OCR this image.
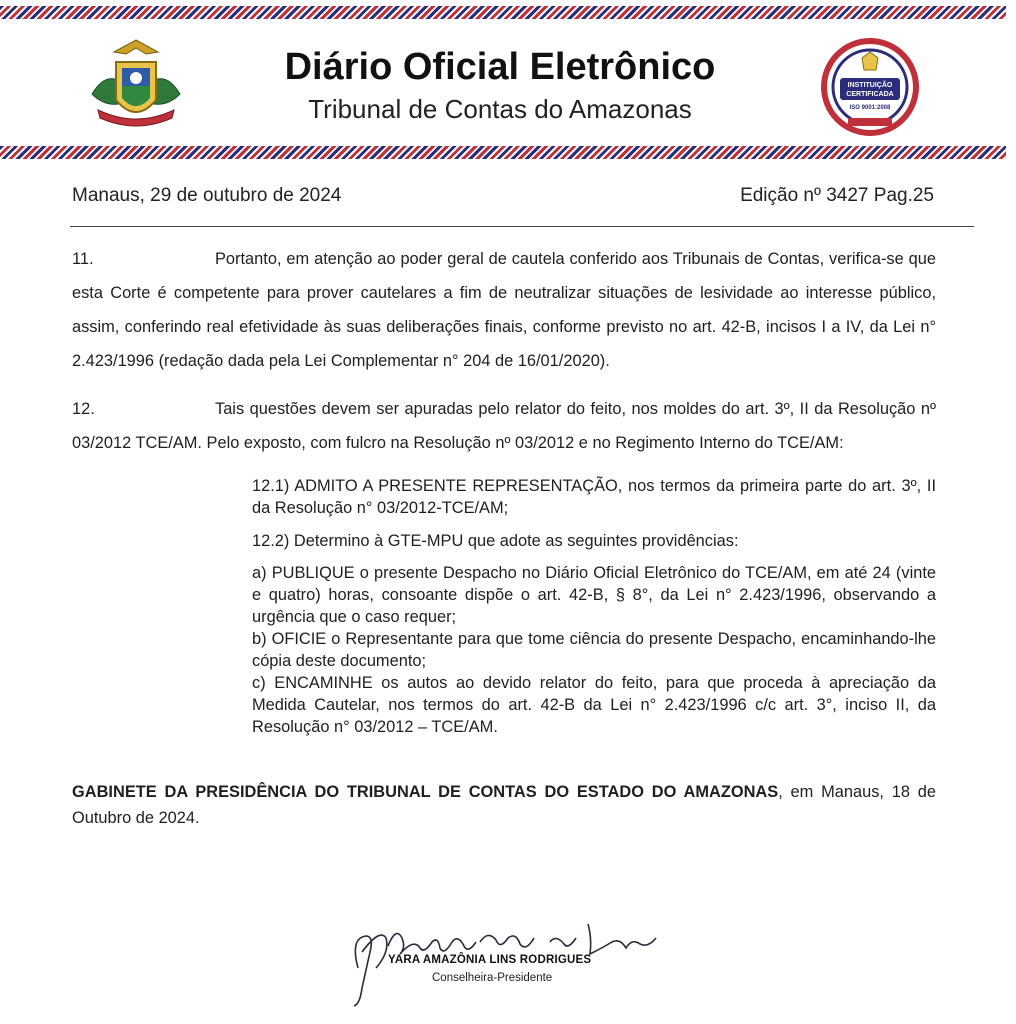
Diário Oficial Eletrônico
Tribunal de Contas do Amazonas
INSTITUIÇÃO
CERTIFICADA
ISO 9001:2008
Manaus, 29 de outubro de 2024	Edição nº 3427 Pag.25
11.	Portanto, em atenção ao poder geral de cautela conferido aos Tribunais de Contas, verifica-se que esta Corte é competente para prover cautelares a fim de neutralizar situações de lesividade ao interesse público, assim, conferindo real efetividade às suas deliberações finais, conforme previsto no art. 42-B, incisos I a IV, da Lei n° 2.423/1996 (redação dada pela Lei Complementar n° 204 de 16/01/2020).
12.	Tais questões devem ser apuradas pelo relator do feito, nos moldes do art. 3º, II da Resolução nº 03/2012 TCE/AM. Pelo exposto, com fulcro na Resolução nº 03/2012 e no Regimento Interno do TCE/AM:
12.1) ADMITO A PRESENTE REPRESENTAÇÃO, nos termos da primeira parte do art. 3º, II da Resolução n° 03/2012-TCE/AM;
12.2) Determino à GTE-MPU que adote as seguintes providências:
a) PUBLIQUE o presente Despacho no Diário Oficial Eletrônico do TCE/AM, em até 24 (vinte e quatro) horas, consoante dispõe o art. 42-B, § 8°, da Lei n° 2.423/1996, observando a urgência que o caso requer;
b) OFICIE o Representante para que tome ciência do presente Despacho, encaminhando-lhe cópia deste documento;
c) ENCAMINHE os autos ao devido relator do feito, para que proceda à apreciação da Medida Cautelar, nos termos do art. 42-B da Lei n° 2.423/1996 c/c art. 3°, inciso II, da Resolução n° 03/2012 – TCE/AM.
GABINETE DA PRESIDÊNCIA DO TRIBUNAL DE CONTAS DO ESTADO DO AMAZONAS, em Manaus, 18 de Outubro de 2024.
YARA AMAZÔNIA LINS RODRIGUES
Conselheira-Presidente
